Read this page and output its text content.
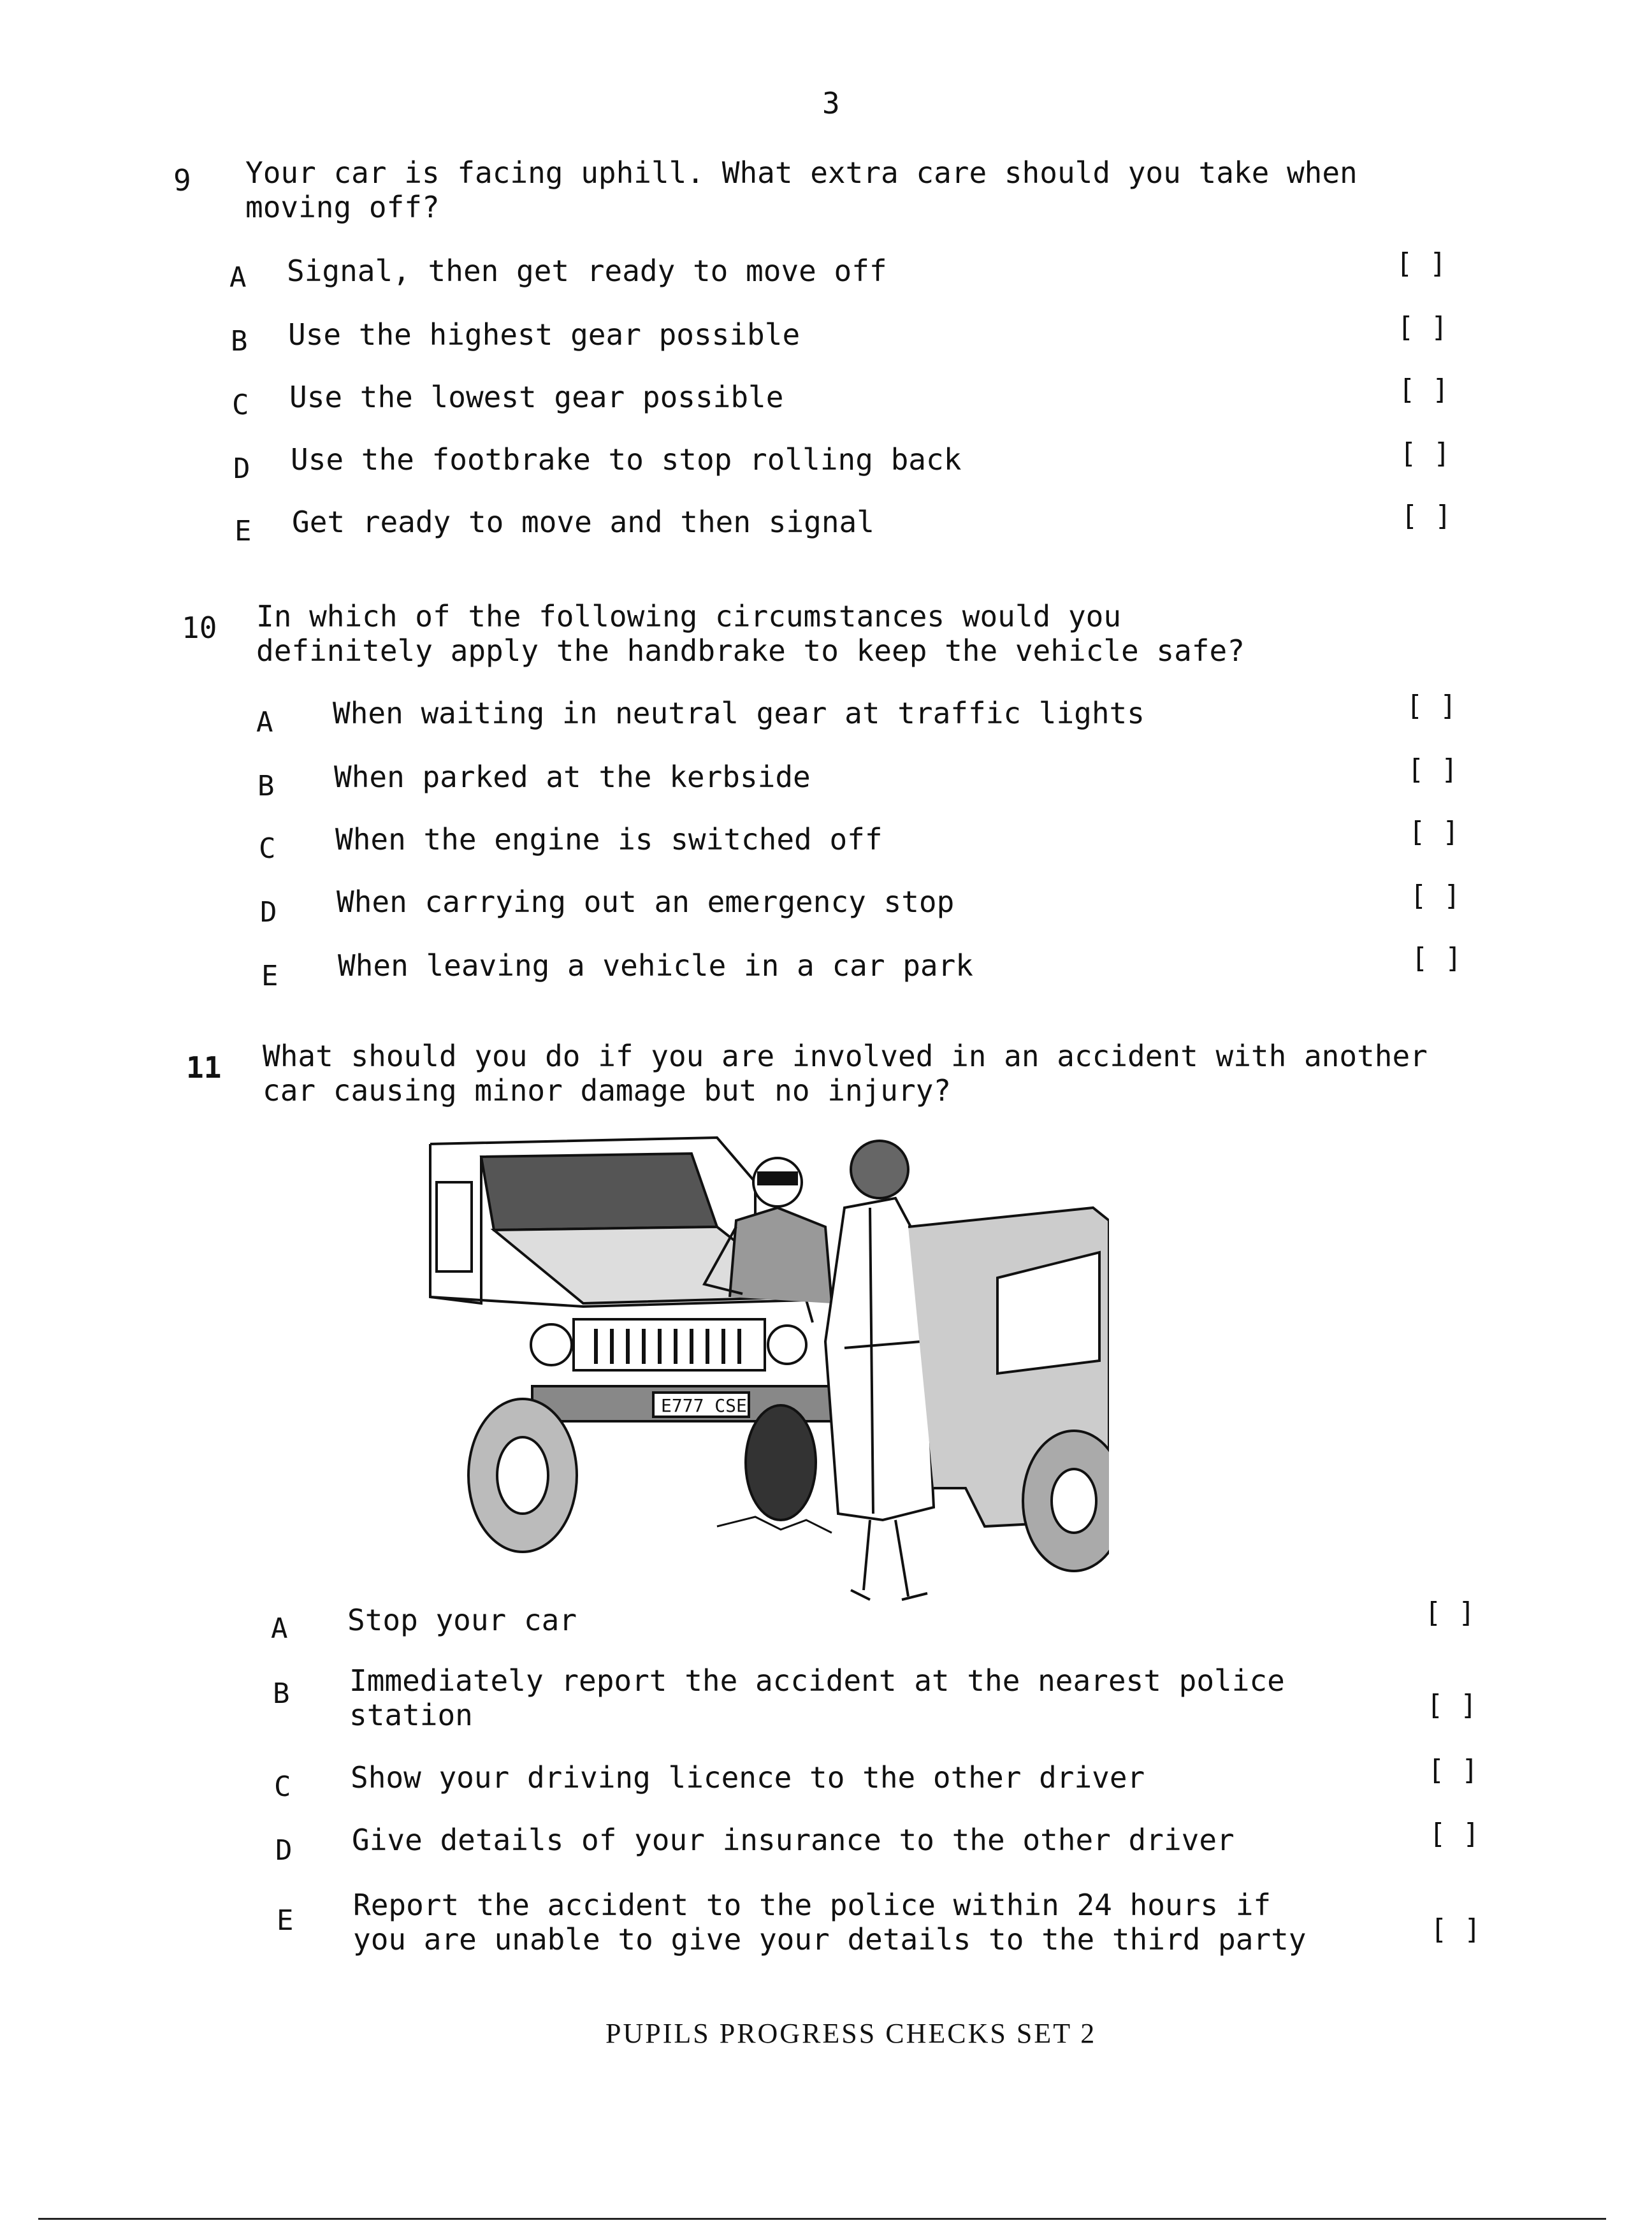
3
9 Your car is facing uphill. What extra care should you take when
moving off?
A Signal, then get ready to move off	[ ]
B Use the highest gear possible	[ ]
C Use the lowest gear possible	[ ]
D Use the footbrake to stop rolling back	[ ]
E Get ready to move and then signal	[ ]
10 In which of the following circumstances would you
definitely apply the handbrake to keep the vehicle safe?
A When waiting in neutral gear at traffic lights	[ ]
B When parked at the kerbside	[ ]
C When the engine is switched off	[ ]
D When carrying out an emergency stop	[ ]
E When leaving a vehicle in a car park	[ ]
11 What should you do if you are involved in an accident with another
car causing minor damage but no injury?
E777 CSE
A Stop your car	[ ]
B Immediately report the accident at the nearest police
station	[ ]
C Show your driving licence to the other driver	[ ]
D Give details of your insurance to the other driver	[ ]
E Report the accident to the police within 24 hours if
you are unable to give your details to the third party	[ ]
PUPILS PROGRESS CHECKS SET 2
